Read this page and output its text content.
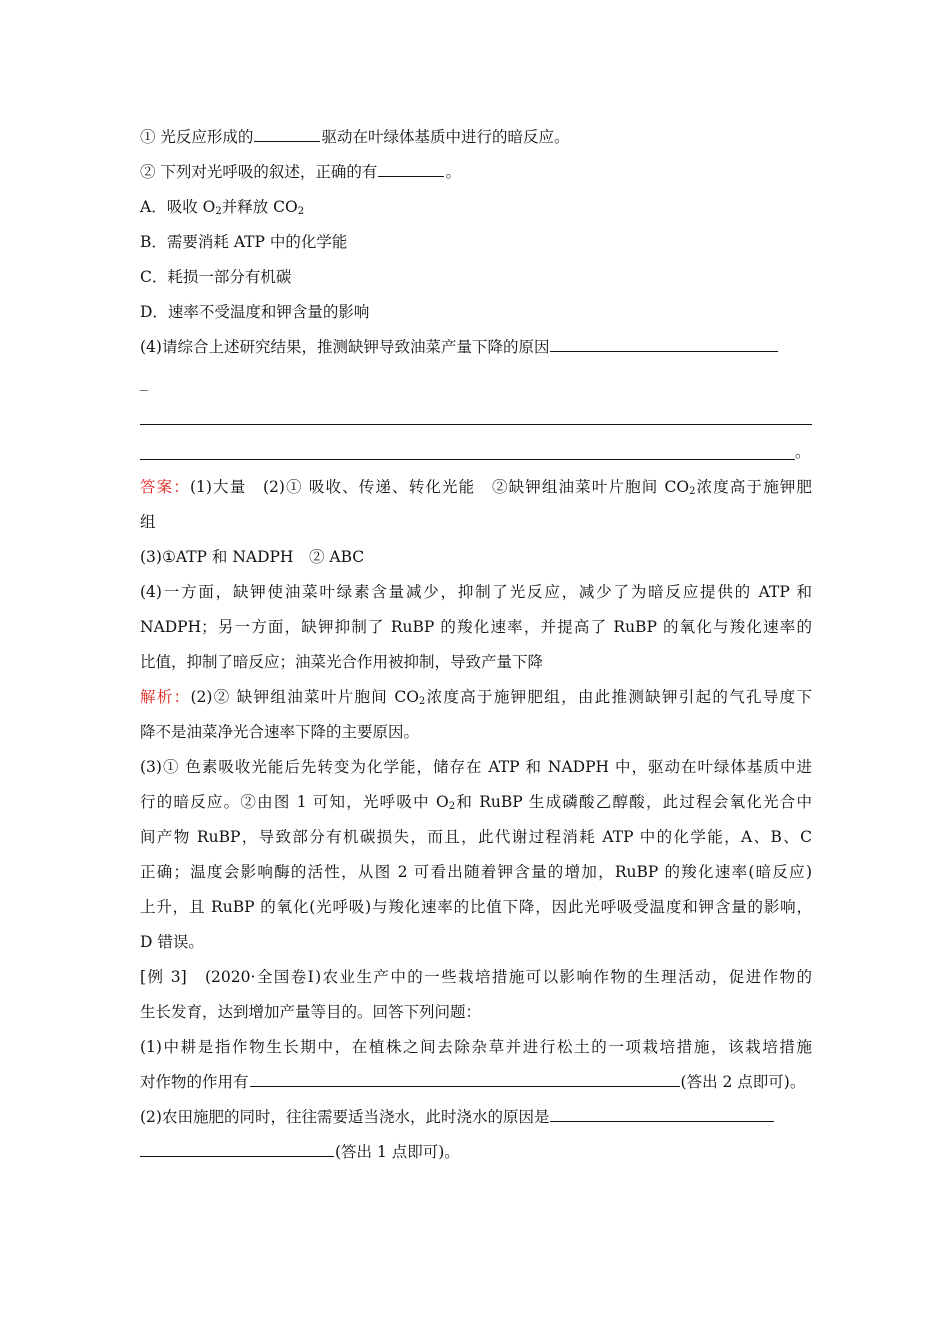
① 光反应形成的	驱动在叶绿体基质中进行的暗反应。
② 下列对光呼吸的叙述，正确的有	。
A．吸收 $O_2$并释放 $CO_2$
B．需要消耗 ATP 中的化学能
C．耗损一部分有机碳
D．速率不受温度和钾含量的影响
(4)请综合上述研究结果，推测缺钾导致油菜产量下降的原因
_
。
答案：(1)大量　(2)① 吸收、传递、转化光能　②缺钾组油菜叶片胞间 $CO_2$浓度高于施钾肥
组
(3)①ATP 和 NADPH　② ABC
(4)一方面，缺钾使油菜叶绿素含量减少，抑制了光反应，减少了为暗反应提供的 ATP 和
NADPH；另一方面，缺钾抑制了 RuBP 的羧化速率，并提高了 RuBP 的氧化与羧化速率的
比值，抑制了暗反应；油菜光合作用被抑制，导致产量下降
解析：(2)② 缺钾组油菜叶片胞间 $CO_2$浓度高于施钾肥组，由此推测缺钾引起的气孔导度下
降不是油菜净光合速率下降的主要原因。
(3)① 色素吸收光能后先转变为化学能，储存在 ATP 和 NADPH 中，驱动在叶绿体基质中进
行的暗反应。②由图 1 可知，光呼吸中 $O_2$和 RuBP 生成磷酸乙醇酸，此过程会氧化光合中
间产物 RuBP，导致部分有机碳损失，而且，此代谢过程消耗 ATP 中的化学能，A、B、C
正确；温度会影响酶的活性，从图 2 可看出随着钾含量的增加，RuBP 的羧化速率(暗反应)
上升，且 RuBP 的氧化(光呼吸)与羧化速率的比值下降，因此光呼吸受温度和钾含量的影响，
D 错误。
[例 3]　(2020·全国卷Ⅰ)农业生产中的一些栽培措施可以影响作物的生理活动，促进作物的
生长发育，达到增加产量等目的。回答下列问题：
(1)中耕是指作物生长期中，在植株之间去除杂草并进行松土的一项栽培措施，该栽培措施
对作物的作用有	(答出 2 点即可)。
(2)农田施肥的同时，往往需要适当浇水，此时浇水的原因是
(答出 1 点即可)。
